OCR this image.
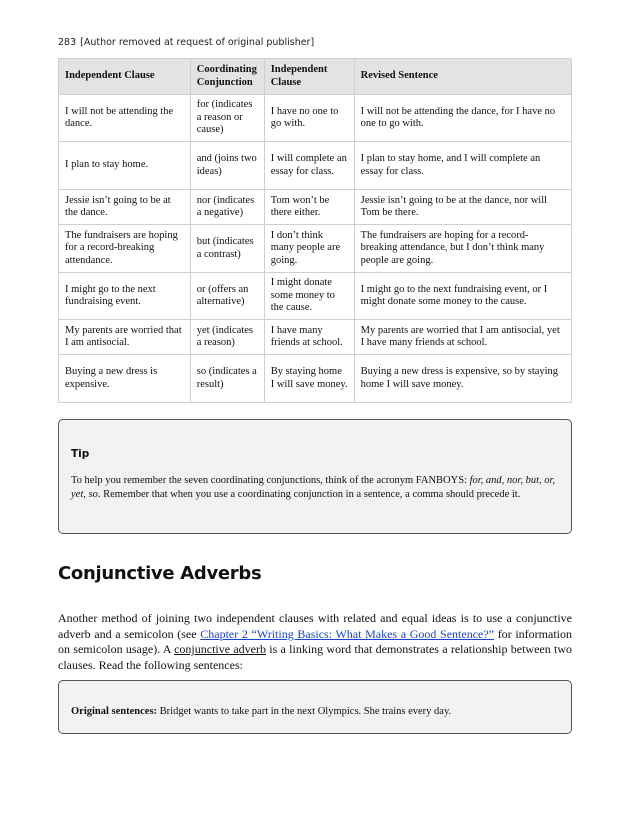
283 [Author removed at request of original publisher]
Independent Clause	Coordinating Conjunction	Independent Clause	Revised Sentence
I will not be attending the dance.	for (indicates a reason or cause)	I have no one to go with.	I will not be attending the dance, for I have no one to go with.
I plan to stay home.	and (joins two ideas)	I will complete an essay for class.	I plan to stay home, and I will complete an essay for class.
Jessie isn’t going to be at the dance.	nor (indicates a negative)	Tom won’t be there either.	Jessie isn’t going to be at the dance, nor will Tom be there.
The fundraisers are hoping for a record-breaking attendance.	but (indicates a contrast)	I don’t think many people are going.	The fundraisers are hoping for a record-breaking attendance, but I don’t think many people are going.
I might go to the next fundraising event.	or (offers an alternative)	I might donate some money to the cause.	I might go to the next fundraising event, or I might donate some money to the cause.
My parents are worried that I am antisocial.	yet (indicates a reason)	I have many friends at school.	My parents are worried that I am antisocial, yet I have many friends at school.
Buying a new dress is expensive.	so (indicates a result)	By staying home I will save money.	Buying a new dress is expensive, so by staying home I will save money.
Tip

To help you remember the seven coordinating conjunctions, think of the acronym FANBOYS: for, and, nor, but, or, yet, so. Remember that when you use a coordinating conjunction in a sentence, a comma should precede it.

Conjunctive Adverbs

Another method of joining two independent clauses with related and equal ideas is to use a conjunctive adverb and a semicolon (see Chapter 2 “Writing Basics: What Makes a Good Sentence?” for information on semicolon usage). A conjunctive adverb is a linking word that demonstrates a relationship between two clauses. Read the following sentences:

Original sentences: Bridget wants to take part in the next Olympics. She trains every day.
